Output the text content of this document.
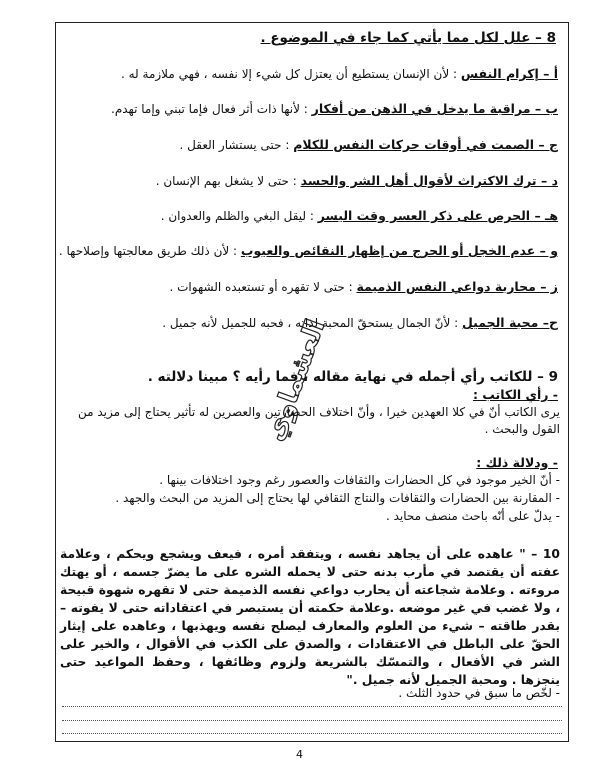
8 – علل لكل مما يأتي كما جاء في الموضوع .
أ – إكرام النفس : لأن الإنسان يستطيع أن يعتزل كل شيء إلا نفسه ، فهي ملازمة له .
ب – مراقبة ما يدخل في الذهن من أفكار : لأنها ذات أثر فعال فإما تبني وإما تهدم.
ج – الصمت في أوقات حركات النفس للكلام : حتى يستشار العقل .
د – ترك الاكتراث لأقوال أهل الشر والحسد : حتى لا يشغل بهم الإنسان .
هـ – الحرص على ذكر العسر وقت اليسر : ليقل البغي والظلم والعدوان .
و – عدم الخجل أو الحرج من إظهار النقائص والعيوب : لأن ذلك طريق معالجتها وإصلاحها .
ز – محاربة دواعي النفس الذميمة : حتى لا تقهره أو تستعبده الشهوات .
ح– محبة الجميل : لأنّ الجمال يستحقّ المحبة لذاته ، فحبه للجميل لأنه جميل .
العشماوي
9 – للكاتب رأي أجمله في نهاية مقاله ، فما رأيه ؟ مبينا دلالته .
- رأي الكاتب :
يرى الكاتب أنّ في كلا العهدين خيرا ، وأنّ اختلاف الحضارتين والعصرين له تأثير يحتاج إلى مزيد من القول والبحث .
- ودلالة ذلك :
- أنّ الخير موجود في كل الحضارات والثقافات والعصور رغم وجود اختلافات بينها .
- المقارنة بين الحضارات والثقافات والنتاج الثقافي لها يحتاج إلى المزيد من البحث والجهد .
- يدلّ على أنّه باحث منصف محايد .
10 – " عاهده على أن يجاهد نفسه ، ويتفقد أمره ، فيعف ويشجع ويحكم ، وعلامة عفته أن يقتصد في مأرب بدنه حتى لا يحمله الشره على ما يضرّ جسمه ، أو يهتك مروءته . وعلامة شجاعته أن يحارب دواعي نفسه الذميمة حتى لا تقهره شهوة قبيحة ، ولا غضب في غير موضعه .وعلامة حكمته أن يستبصر في اعتقاداته حتى لا يفوته – بقدر طاقته – شيء من العلوم والمعارف ليصلح نفسه ويهذبها ، وعاهده على إيثار الحقّ على الباطل في الاعتقادات ، والصدق على الكذب في الأقوال ، والخير على الشر في الأفعال ، والتمسّك بالشريعة ولزوم وظائفها ، وحفظ المواعيد حتى ينجزها . ومحبة الجميل لأنه جميل ."
- لخّص ما سبق في حدود الثلث .
4
